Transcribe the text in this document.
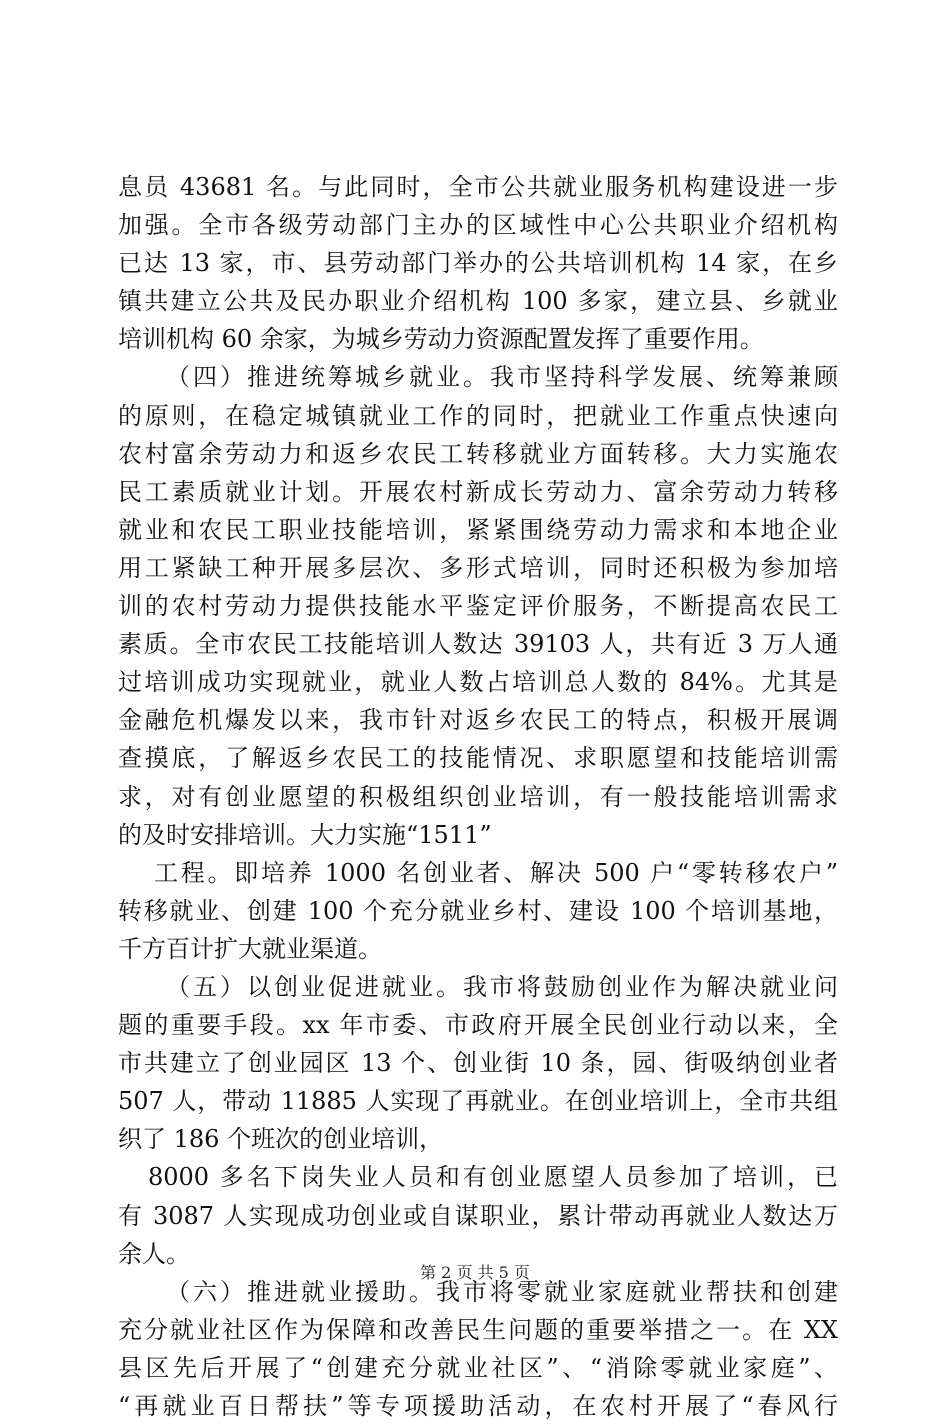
息员 43681 名。与此同时，全市公共就业服务机构建设进一步
加强。全市各级劳动部门主办的区域性中心公共职业介绍机构
已达 13 家，市、县劳动部门举办的公共培训机构 14 家，在乡
镇共建立公共及民办职业介绍机构 100 多家，建立县、乡就业
培训机构 60 余家，为城乡劳动力资源配置发挥了重要作用。
（四）推进统筹城乡就业。我市坚持科学发展、统筹兼顾
的原则，在稳定城镇就业工作的同时，把就业工作重点快速向
农村富余劳动力和返乡农民工转移就业方面转移。大力实施农
民工素质就业计划。开展农村新成长劳动力、富余劳动力转移
就业和农民工职业技能培训，紧紧围绕劳动力需求和本地企业
用工紧缺工种开展多层次、多形式培训，同时还积极为参加培
训的农村劳动力提供技能水平鉴定评价服务，不断提高农民工
素质。全市农民工技能培训人数达 39103 人，共有近 3 万人通
过培训成功实现就业，就业人数占培训总人数的 84%。尤其是
金融危机爆发以来，我市针对返乡农民工的特点，积极开展调
查摸底，了解返乡农民工的技能情况、求职愿望和技能培训需
求，对有创业愿望的积极组织创业培训，有一般技能培训需求
的及时安排培训。大力实施“1511”
工程。即培养 1000 名创业者、解决 500 户“零转移农户”
转移就业、创建 100 个充分就业乡村、建设 100 个培训基地，
千方百计扩大就业渠道。
（五）以创业促进就业。我市将鼓励创业作为解决就业问
题的重要手段。xx 年市委、市政府开展全民创业行动以来，全
市共建立了创业园区 13 个、创业街 10 条，园、街吸纳创业者
507 人，带动 11885 人实现了再就业。在创业培训上，全市共组
织了 186 个班次的创业培训，
8000 多名下岗失业人员和有创业愿望人员参加了培训，已
有 3087 人实现成功创业或自谋职业，累计带动再就业人数达万
余人。
（六）推进就业援助。我市将零就业家庭就业帮扶和创建
充分就业社区作为保障和改善民生问题的重要举措之一。在 XX
县区先后开展了“创建充分就业社区”、“消除零就业家庭”、
“再就业百日帮扶”等专项援助活动，在农村开展了“春风行
第 2 页 共 5 页
